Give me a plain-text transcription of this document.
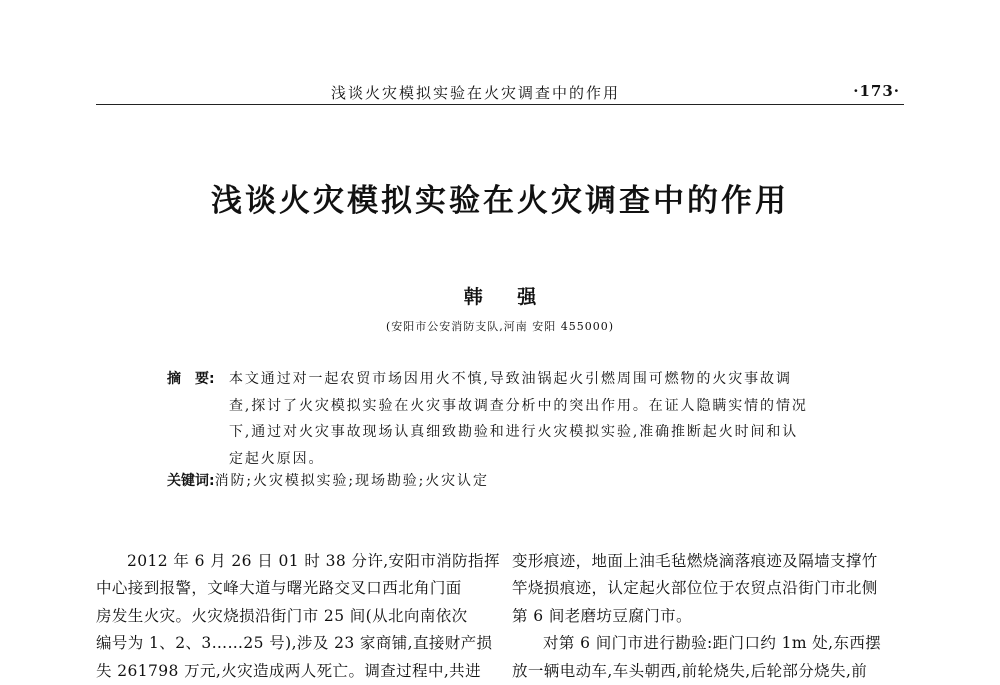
浅谈火灾模拟实验在火灾调查中的作用	·173·
浅谈火灾模拟实验在火灾调查中的作用
韩 强
(安阳市公安消防支队,河南 安阳 455000)
摘　要: 本文通过对一起农贸市场因用火不慎,导致油锅起火引燃周围可燃物的火灾事故调
查,探讨了火灾模拟实验在火灾事故调查分析中的突出作用。在证人隐瞒实情的情况
下,通过对火灾事故现场认真细致勘验和进行火灾模拟实验,准确推断起火时间和认
定起火原因。
关键词:消防;火灾模拟实验;现场勘验;火灾认定
2012 年 6 月 26 日 01 时 38 分许,安阳市消防指挥
中心接到报警，文峰大道与曙光路交叉口西北角门面
房发生火灾。火灾烧损沿街门市 25 间(从北向南依次
编号为 1、2、3……25 号),涉及 23 家商铺,直接财产损
失 261798 万元,火灾造成两人死亡。调查过程中,共进
变形痕迹，地面上油毛毡燃烧滴落痕迹及隔墙支撑竹
竿烧损痕迹，认定起火部位位于农贸点沿街门市北侧
第 6 间老磨坊豆腐门市。
对第 6 间门市进行勘验:距门口约 1m 处,东西摆
放一辆电动车,车头朝西,前轮烧失,后轮部分烧失,前
